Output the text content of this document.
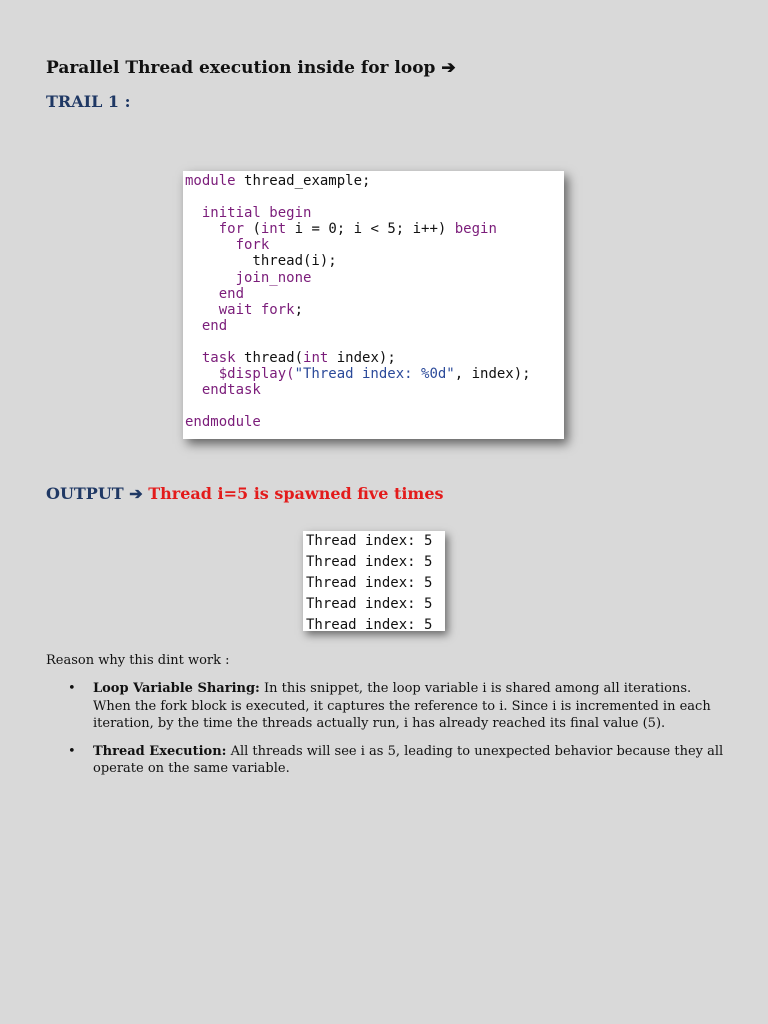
Parallel Thread execution inside for loop ➔
TRAIL 1 :
module thread_example;

initial begin
for (int i = 0; i < 5; i++) begin
fork
thread(i);
join_none
end
wait fork;
end

task thread(int index);
$display("Thread index: %0d", index);
endtask

endmodule

OUTPUT ➔ Thread i=5 is spawned five times
Thread index: 5
Thread index: 5
Thread index: 5
Thread index: 5
Thread index: 5
Reason why this dint work :
• Loop Variable Sharing: In this snippet, the loop variable i is shared among all iterations. When the fork block is executed, it captures the reference to i. Since i is incremented in each iteration, by the time the threads actually run, i has already reached its final value (5).
• Thread Execution: All threads will see i as 5, leading to unexpected behavior because they all operate on the same variable.
